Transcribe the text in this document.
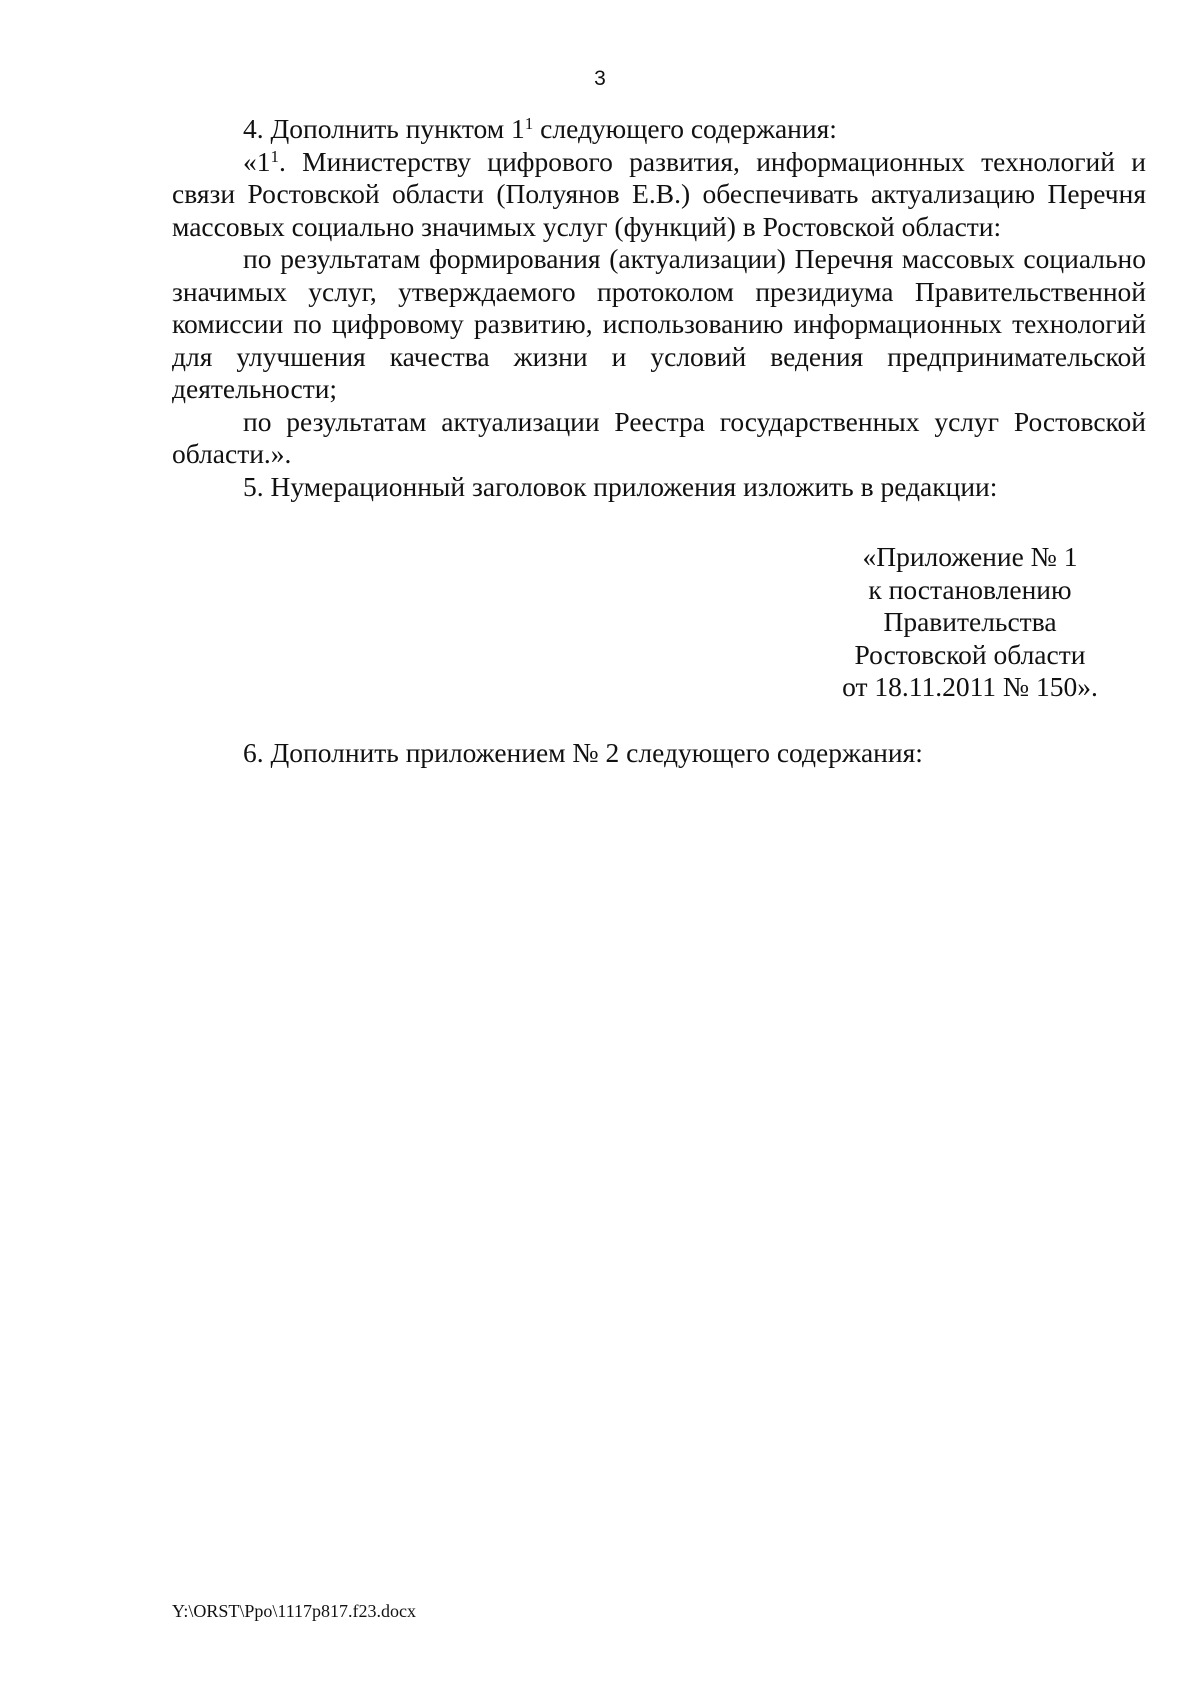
3

4. Дополнить пунктом $1^1$ следующего содержания:

«$1^1$. Министерству цифрового развития, информационных технологий и связи Ростовской области (Полуянов Е.В.) обеспечивать актуализацию Перечня массовых социально значимых услуг (функций) в Ростовской области:

по результатам формирования (актуализации) Перечня массовых социально значимых услуг, утверждаемого протоколом президиума Правительственной комиссии по цифровому развитию, использованию информационных технологий для улучшения качества жизни и условий ведения предпринимательской деятельности;

по результатам актуализации Реестра государственных услуг Ростовской области.».

5. Нумерационный заголовок приложения изложить в редакции:

«Приложение № 1
к постановлению
Правительства
Ростовской области
от 18.11.2011 № 150».
6. Дополнить приложением № 2 следующего содержания:
Y:\ORST\Ppo\1117p817.f23.docx
